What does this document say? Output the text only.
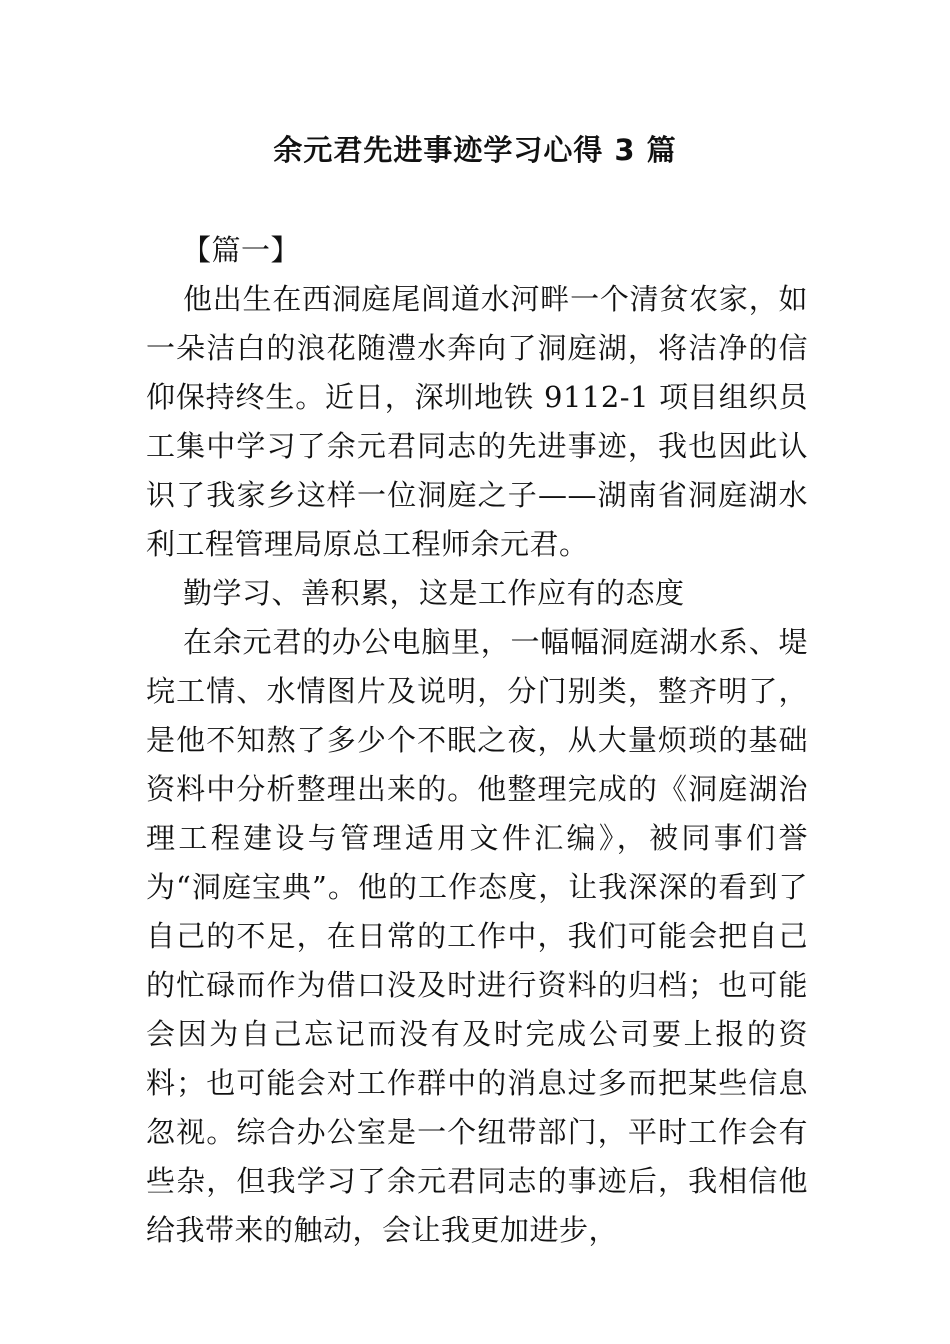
余元君先进事迹学习心得 3 篇

【篇一】

他出生在西洞庭尾闾道水河畔一个清贫农家，如一朵洁白的浪花随澧水奔向了洞庭湖，将洁净的信仰保持终生。近日，深圳地铁 9112-1 项目组织员工集中学习了余元君同志的先进事迹，我也因此认识了我家乡这样一位洞庭之子——湖南省洞庭湖水利工程管理局原总工程师余元君。

勤学习、善积累，这是工作应有的态度

在余元君的办公电脑里，一幅幅洞庭湖水系、堤垸工情、水情图片及说明，分门别类，整齐明了，是他不知熬了多少个不眠之夜，从大量烦琐的基础资料中分析整理出来的。他整理完成的《洞庭湖治理工程建设与管理适用文件汇编》，被同事们誉为“洞庭宝典”。他的工作态度，让我深深的看到了自己的不足，在日常的工作中，我们可能会把自己的忙碌而作为借口没及时进行资料的归档；也可能会因为自己忘记而没有及时完成公司要上报的资料；也可能会对工作群中的消息过多而把某些信息忽视。综合办公室是一个纽带部门，平时工作会有些杂，但我学习了余元君同志的事迹后，我相信他给我带来的触动，会让我更加进步，
